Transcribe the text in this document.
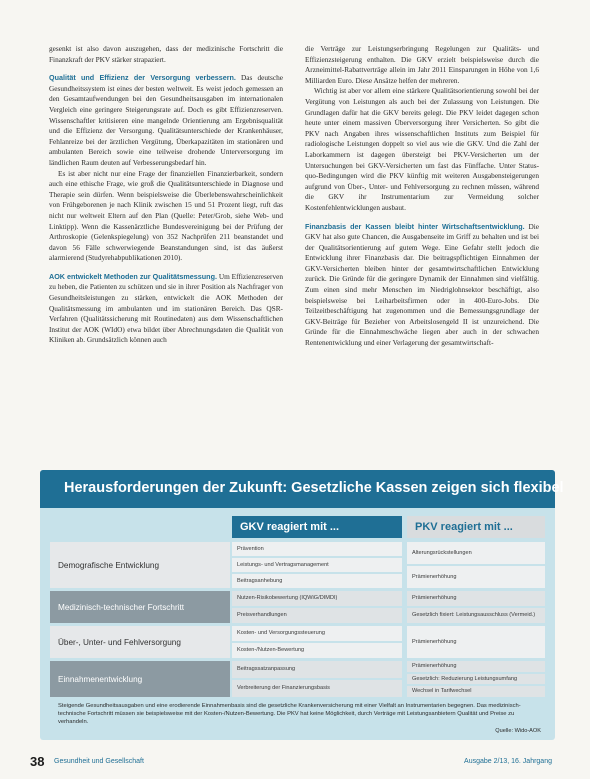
gesenkt ist also davon auszugehen, dass der medizinische Fortschritt die Finanzkraft der PKV stärker strapaziert.

Qualität und Effizienz der Versorgung verbessern. Das deutsche Gesundheitssystem ist eines der besten weltweit. Es weist jedoch gemessen an den Gesamtaufwendungen bei den Gesundheitsausgaben im internationalen Vergleich eine geringere Steigerungsrate auf. Doch es gibt Effizienzreserven. Wissenschaftler kritisieren eine mangelnde Orientierung am Ergebnisqualität und die Effizienz der Versorgung. Qualitätsunterschiede der Krankenhäuser, Fehlanreize bei der ärztlichen Vergütung, Überkapazitäten im stationären und ambulanten Bereich sowie eine teilweise drohende Unterversorgung im ländlichen Raum deuten auf Verbesserungsbedarf hin.

Es ist aber nicht nur eine Frage der finanziellen Finanzierbarkeit, sondern auch eine ethische Frage, wie groß die Qualitätsunterschiede in Diagnose und Therapie sein dürfen. Wenn beispielsweise die Überlebenswahrscheinlichkeit von Frühgeborenen je nach Klinik zwischen 15 und 51 Prozent liegt, ruft das nicht nur weltweit Eltern auf den Plan (Quelle: Peter/Grob, siehe Web- und Linktipp). Wenn die Kassenärztliche Bundesvereinigung bei der Prüfung der Arthroskopie (Gelenkspiegelung) von 352 Nachprüfen 211 beanstandet und davon 56 Fälle schwerwiegende Beanstandungen sind, ist das äußerst alarmierend (Studyrehabpublikationen 2010).

AOK entwickelt Methoden zur Qualitätsmessung. Um Effizienzreserven zu heben, die Patienten zu schützen und sie in ihrer Position als Nachfrager von Gesundheitsleistungen zu stärken, entwickelt die AOK Methoden der Qualitätsmessung im ambulanten und im stationären Bereich. Das QSR-Verfahren (Qualitätssicherung mit Routinedaten) aus dem Wissenschaftlichen Institut der AOK (WIdO) etwa bildet über Abrechnungsdaten die Qualität von Kliniken ab. Grundsätzlich können auch

die Verträge zur Leistungserbringung Regelungen zur Qualitäts- und Effizienzsteigerung enthalten. Die GKV erzielt beispielsweise durch die Arzneimittel-Rabattverträge allein im Jahr 2011 Einsparungen in Höhe von 1,6 Milliarden Euro. Diese Ansätze helfen der mehreren.

Wichtig ist aber vor allem eine stärkere Qualitätsorientierung sowohl bei der Vergütung von Leistungen als auch bei der Zulassung von Leistungen. Die Grundlagen dafür hat die GKV bereits gelegt. Die PKV leidet dagegen schon heute unter einem massiven Überversorgung ihrer Versicherten. So gibt die PKV nach Angaben ihres wissenschaftlichen Instituts zum Beispiel für radiologische Leistungen doppelt so viel aus wie die GKV. Und die Zahl der Laborkammern ist dagegen übersteigt bei PKV-Versicherten um der Untersuchungen bei GKV-Versicherten um fast das Fünffache. Unter Status-quo-Bedingungen wird die PKV künftig mit weiteren Ausgabensteigerungen aufgrund von Über-, Unter- und Fehlversorgung zu rechnen müssen, während die GKV ihr Instrumentarium zur Vermeidung solcher Kostenfehlentwicklungen ausbaut.

Finanzbasis der Kassen bleibt hinter Wirtschaftsentwicklung. Die GKV hat also gute Chancen, die Ausgabenseite im Griff zu behalten und ist bei der Qualitätsorientierung auf gutem Wege. Eine Gefahr stellt jedoch die Entwicklung ihrer Finanzbasis dar. Die beitragspflichtigen Einnahmen der GKV-Versicherten bleiben hinter der gesamtwirtschaftlichen Entwicklung zurück. Die Gründe für die geringere Dynamik der Einnahmen sind vielfältig. Zum einen sind mehr Menschen im Niedriglohnsektor beschäftigt, also beispielsweise bei Leiharbeitsfirmen oder in 400-Euro-Jobs. Die Teilzeitbeschäftigung hat zugenommen und die Bemessungsgrundlage der GKV-Beiträge für Bezieher von Arbeitslosengeld II ist unzureichend. Die Gründe für die Einnahmeschwäche liegen aber auch in der schwachen Rentenentwicklung und einer Verlagerung der gesamtwirtschaft-

Herausforderungen der Zukunft: Gesetzliche Kassen zeigen sich flexibel
GKV reagiert mit ...	PKV reagiert mit ...
Demografische Entwicklung
Prävention
Leistungs- und Vertragsmanagement
Beitragsanhebung
Alterungsrückstellungen
Prämienerhöhung
Medizinisch-technischer Fortschritt
Nutzen-Risikobewertung (IQWiG/DIMDI)
Preisverhandlungen
Prämienerhöhung
Gesetzlich fixiert: Leistungsausschluss (Vermeid.)
Über-, Unter- und Fehlversorgung
Kosten- und Versorgungssteuerung
Kosten-/Nutzen-Bewertung
Prämienerhöhung
Einnahmenentwicklung
Beitragssatzanpassung
Verbreiterung der Finanzierungsbasis
Prämienerhöhung
Gesetzlich: Reduzierung Leistungsumfang
Wechsel in Tarifwechsel
Steigende Gesundheitsausgaben und eine erodierende Einnahmenbasis sind die gesetzliche Krankenversicherung mit einer Vielfalt an Instrumentarien begegnen. Das medizinisch-technische Fortschritt müssen sie beispielsweise mit der Kosten-/Nutzen-Bewertung. Die PKV hat keine Möglichkeit, durch Verträge mit Leistungsanbietern Qualität und Preise zu verhandeln.
Quelle: Wido-AOK
38 Gesundheit und Gesellschaft	Ausgabe 2/13, 16. Jahrgang
